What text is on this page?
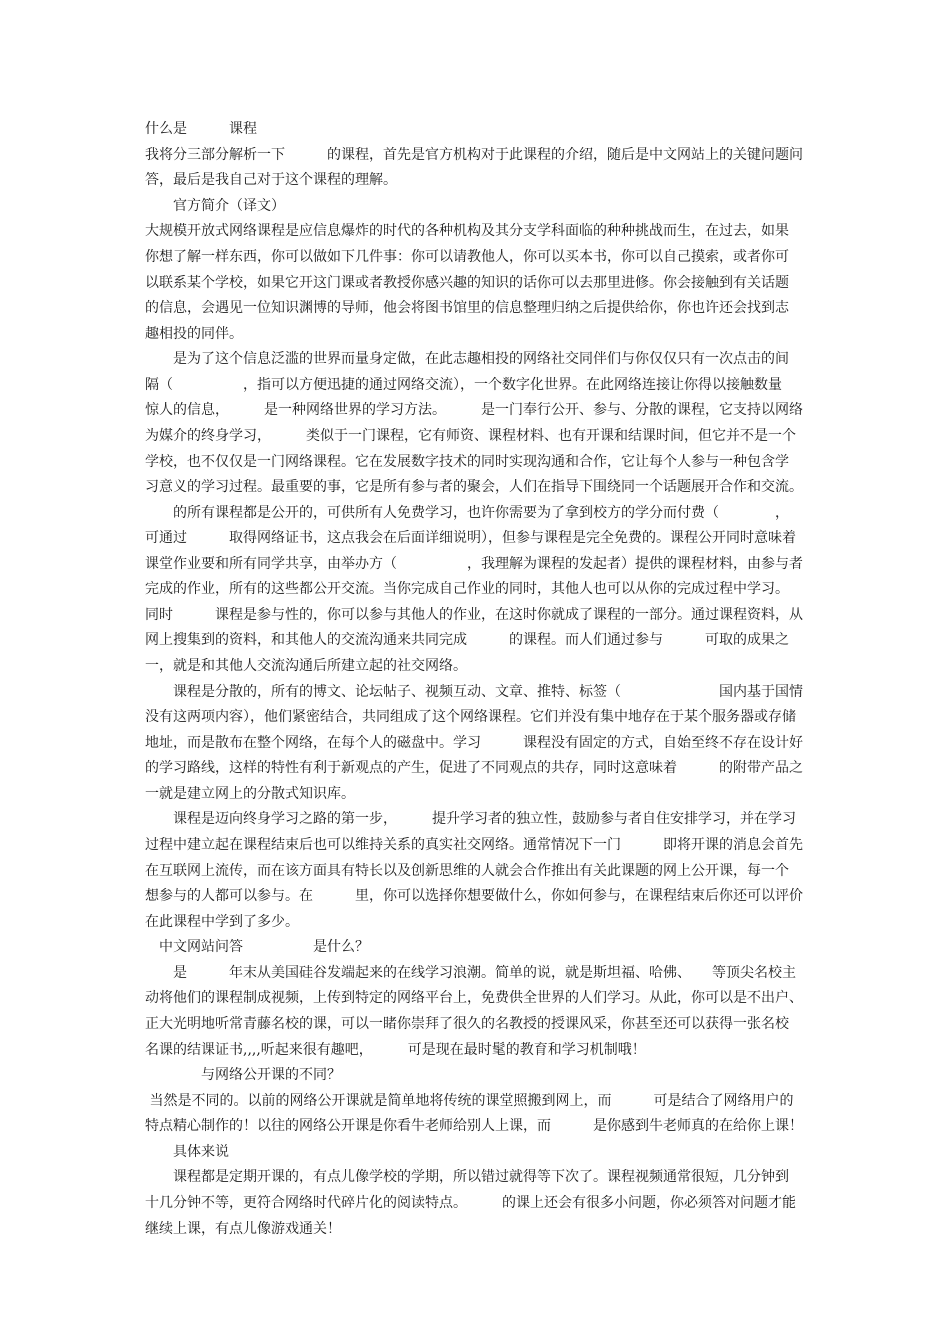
什么是　　　课程
我将分三部分解析一下　　　的课程，首先是官方机构对于此课程的介绍，随后是中文网站上的关键问题问
答，最后是我自己对于这个课程的理解。
　　官方简介（译文）
大规模开放式网络课程是应信息爆炸的时代的各种机构及其分支学科面临的种种挑战而生，在过去，如果
你想了解一样东西，你可以做如下几件事：你可以请教他人，你可以买本书，你可以自己摸索，或者你可
以联系某个学校，如果它开这门课或者教授你感兴趣的知识的话你可以去那里进修。你会接触到有关话题
的信息，会遇见一位知识渊博的导师，他会将图书馆里的信息整理归纳之后提供给你，你也许还会找到志
趣相投的同伴。
　　是为了这个信息泛滥的世界而量身定做，在此志趣相投的网络社交同伴们与你仅仅只有一次点击的间
隔（　　　　　，指可以方便迅捷的通过网络交流），一个数字化世界。在此网络连接让你得以接触数量
惊人的信息，　　　是一种网络世界的学习方法。　　　是一门奉行公开、参与、分散的课程，它支持以网络
为媒介的终身学习，　　　类似于一门课程，它有师资、课程材料、也有开课和结课时间，但它并不是一个
学校，也不仅仅是一门网络课程。它在发展数字技术的同时实现沟通和合作，它让每个人参与一种包含学
习意义的学习过程。最重要的事，它是所有参与者的聚会，人们在指导下围绕同一个话题展开合作和交流。
　　的所有课程都是公开的，可供所有人免费学习，也许你需要为了拿到校方的学分而付费（　　　　，
可通过　　　取得网络证书，这点我会在后面详细说明），但参与课程是完全免费的。课程公开同时意味着
课堂作业要和所有同学共享，由举办方（　　　　　，我理解为课程的发起者）提供的课程材料，由参与者
完成的作业，所有的这些都公开交流。当你完成自己作业的同时，其他人也可以从你的完成过程中学习。
同时　　　课程是参与性的，你可以参与其他人的作业，在这时你就成了课程的一部分。通过课程资料，从
网上搜集到的资料，和其他人的交流沟通来共同完成　　　的课程。而人们通过参与　　　可取的成果之
一，就是和其他人交流沟通后所建立起的社交网络。
　　课程是分散的，所有的博文、论坛帖子、视频互动、文章、推特、标签（　　　　　　　国内基于国情
没有这两项内容），他们紧密结合，共同组成了这个网络课程。它们并没有集中地存在于某个服务器或存储
地址，而是散布在整个网络，在每个人的磁盘中。学习　　　课程没有固定的方式，自始至终不存在设计好
的学习路线，这样的特性有利于新观点的产生，促进了不同观点的共存，同时这意味着　　　的附带产品之
一就是建立网上的分散式知识库。
　　课程是迈向终身学习之路的第一步，　　　提升学习者的独立性，鼓励参与者自住安排学习，并在学习
过程中建立起在课程结束后也可以维持关系的真实社交网络。通常情况下一门　　　即将开课的消息会首先
在互联网上流传，而在该方面具有特长以及创新思维的人就会合作推出有关此课题的网上公开课，每一个
想参与的人都可以参与。在　　　里，你可以选择你想要做什么，你如何参与，在课程结束后你还可以评价
在此课程中学到了多少。
　中文网站问答　　　　　是什么？
　　是　　　年末从美国硅谷发端起来的在线学习浪潮。简单的说，就是斯坦福、哈佛、　　等顶尖名校主
动将他们的课程制成视频，上传到特定的网络平台上，免费供全世界的人们学习。从此，你可以是不出户、
正大光明地听常青藤名校的课，可以一睹你崇拜了很久的名教授的授课风采，你甚至还可以获得一张名校
名课的结课证书,,,,听起来很有趣吧，　　　可是现在最时髦的教育和学习机制哦！
　　　　与网络公开课的不同？
当然是不同的。以前的网络公开课就是简单地将传统的课堂照搬到网上，而　　　可是结合了网络用户的
特点精心制作的！以往的网络公开课是你看牛老师给别人上课，而　　　是你感到牛老师真的在给你上课！
　　具体来说
　　课程都是定期开课的，有点儿像学校的学期，所以错过就得等下次了。课程视频通常很短，几分钟到
十几分钟不等，更符合网络时代碎片化的阅读特点。　　　的课上还会有很多小问题，你必须答对问题才能
继续上课，有点儿像游戏通关！
